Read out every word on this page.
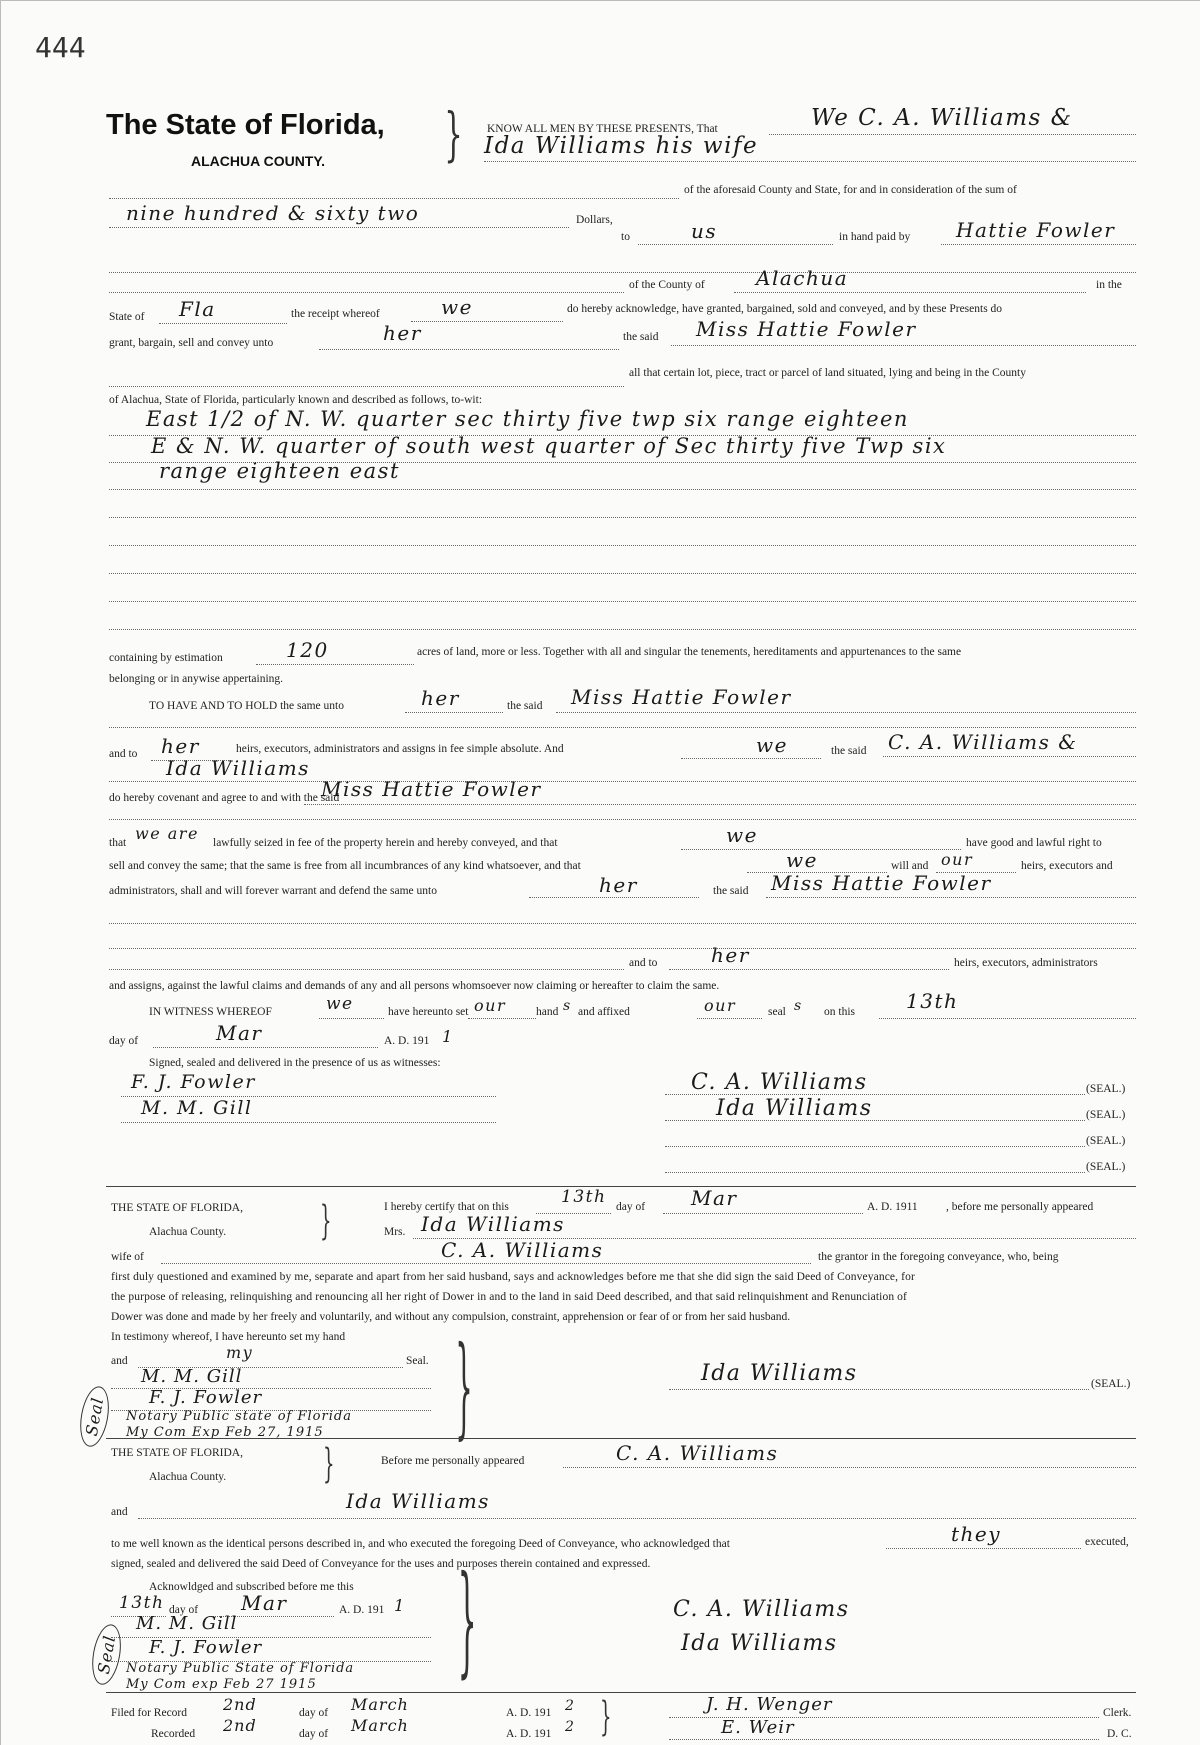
444
The State of Florida,
ALACHUA COUNTY. } KNOW ALL MEN BY THESE PRESENTS, That	We C. A. Williams &
Ida Williams his wife
of the aforesaid County and State, for and in consideration of the sum of
nine hundred & sixty two	Dollars,
to	us	in hand paid by Hattie Fowler
of the County of	Alachua	in the
State of Fla	the receipt whereof	we	do hereby acknowledge, have granted, bargained, sold and conveyed, and by these Presents do
grant, bargain, sell and convey unto	her	the said Miss Hattie Fowler
all that certain lot, piece, tract or parcel of land situated, lying and being in the County
of Alachua, State of Florida, particularly known and described as follows, to-wit:
East 1/2 of N. W. quarter sec thirty five twp six range eighteen
E & N. W. quarter of south west quarter of Sec thirty five Twp six
range eighteen east
containing by estimation	120	acres of land, more or less. Together with all and singular the tenements, hereditaments and appurtenances to the same
belonging or in anywise appertaining.
TO HAVE AND TO HOLD the same unto	her	the said Miss Hattie Fowler
and to her	heirs, executors, administrators and assigns in fee simple absolute. And	we	the said C. A. Williams &
Ida Williams
do hereby covenant and agree to and with the said
Miss Hattie Fowler
that we are lawfully seized in fee of the property herein and hereby conveyed, and that	we	have good and lawful right to
sell and convey the same; that the same is free from all incumbrances of any kind whatsoever, and that	we	will and our	heirs, executors and
administrators, shall and will forever warrant and defend the same unto	her	the said Miss Hattie Fowler
and to	her	heirs, executors, administrators
and assigns, against the lawful claims and demands of any and all persons whomsoever now claiming or hereafter to claim the same.
IN WITNESS WHEREOF	we	have hereunto set our	hand s and affixed	our	seal s on this	13th
day of	Mar	A. D. 191 1
Signed, sealed and delivered in the presence of us as witnesses:
F. J. Fowler
M. M. Gill
C. A. Williams	(SEAL.)
Ida Williams	(SEAL.)
(SEAL.)
(SEAL.)
THE STATE OF FLORIDA,
Alachua County. }	I hereby certify that on this	13th day of Mar	A. D. 1911 , before me personally appeared
Mrs. Ida Williams
wife of	C. A. Williams	the grantor in the foregoing conveyance, who, being
first duly questioned and examined by me, separate and apart from her said husband, says and acknowledges before me that she did sign the said Deed of Conveyance, for
the purpose of releasing, relinquishing and renouncing all her right of Dower in and to the land in said Deed described, and that said relinquishment and Renunciation of
Dower was done and made by her freely and voluntarily, and without any compulsion, constraint, apprehension or fear of or from her said husband.
In testimony whereof, I have hereunto set my hand
and	my	Seal. }
M. M. Gill
F. J. Fowler
Notary Public state of Florida
My Com Exp Feb 27, 1915
Seal
Ida Williams	(SEAL.)
THE STATE OF FLORIDA,
Alachua County. }	Before me personally appeared	C. A. Williams
and	Ida Williams
to me well known as the identical persons described in, and who executed the foregoing Deed of Conveyance, who acknowledged that	they	executed,
signed, sealed and delivered the said Deed of Conveyance for the uses and purposes therein contained and expressed.
Acknowldged and subscribed before me this
13th day of Mar	A. D. 191 1 }
M. M. Gill
F. J. Fowler
Notary Public State of Florida
My Com exp Feb 27 1915
Seal
C. A. Williams
Ida Williams
Filed for Record 2nd	day of March	A. D. 191 2
Recorded 2nd	day of March	A. D. 191 2 }	J. H. Wenger	Clerk.
E. Weir	D. C.
